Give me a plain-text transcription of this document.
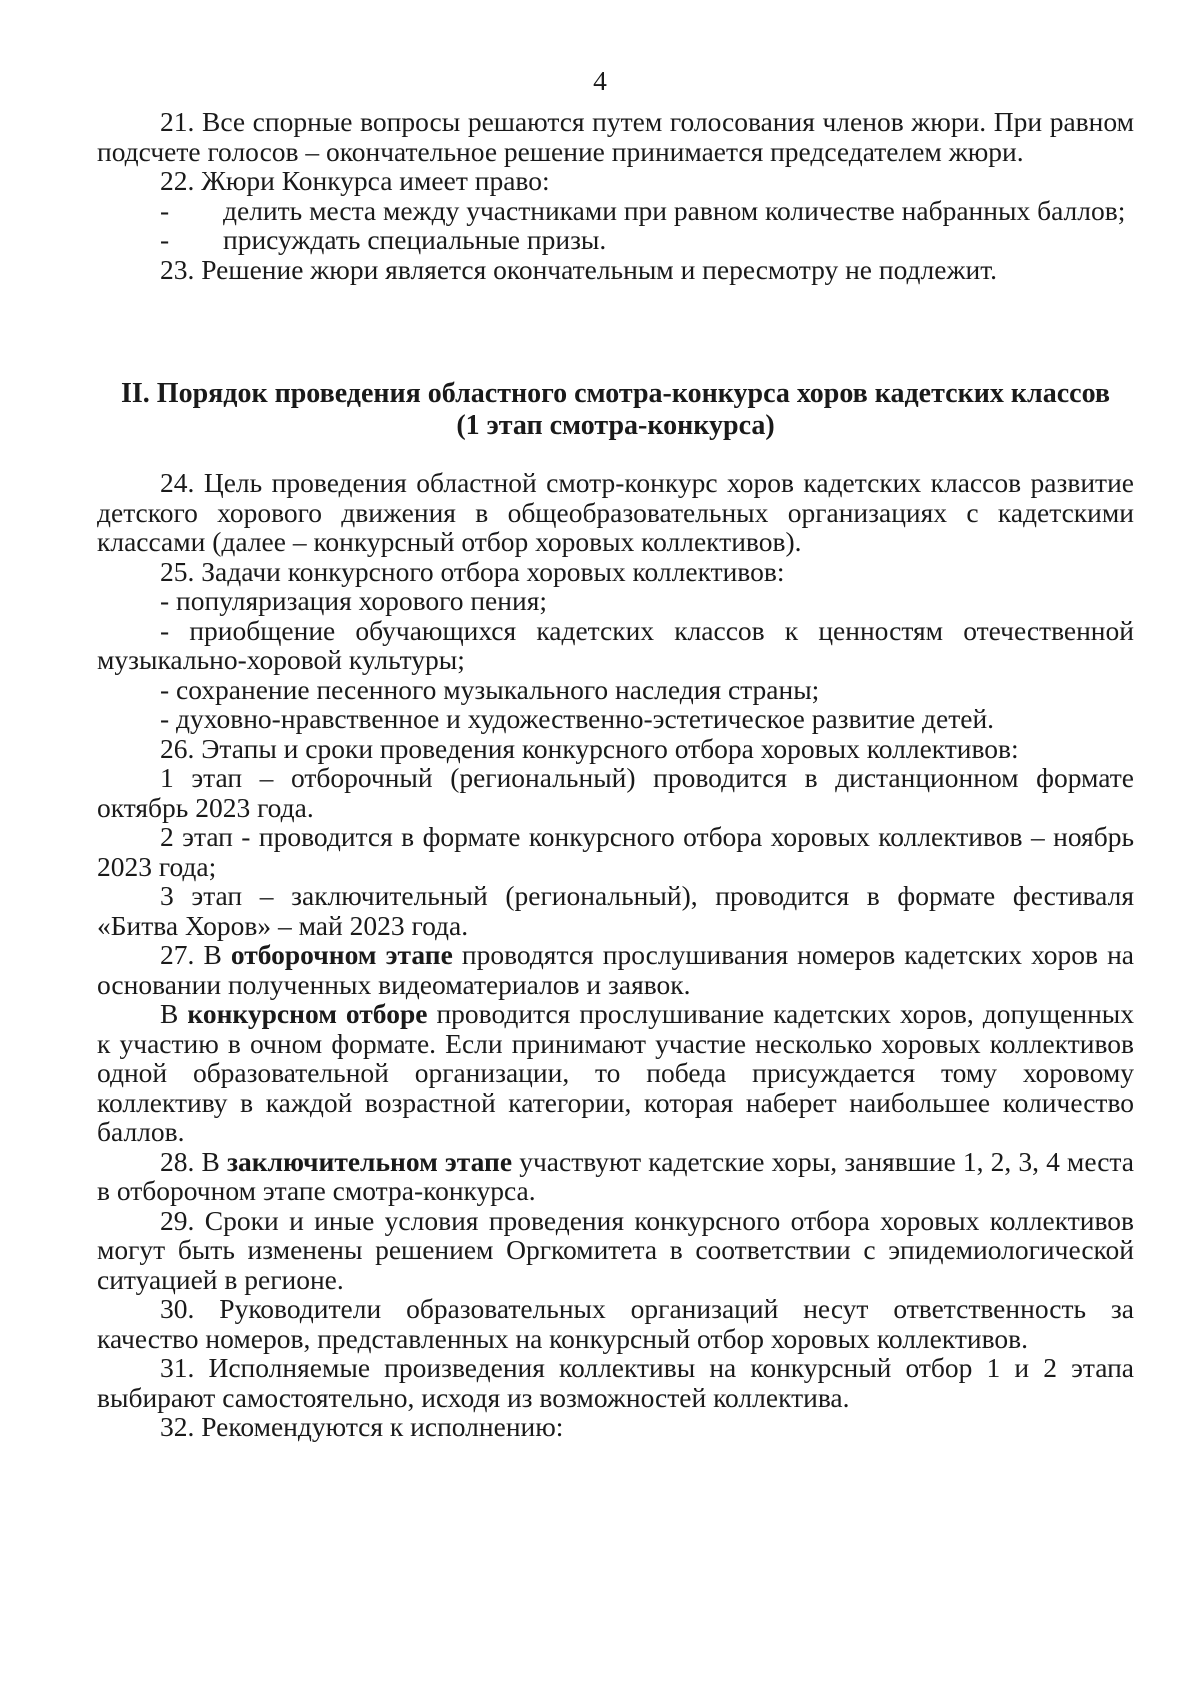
4

21. Все спорные вопросы решаются путем голосования членов жюри. При равном подсчете голосов – окончательное решение принимается председателем жюри.

22. Жюри Конкурса имеет право:

- делить места между участниками при равном количестве набранных баллов;

- присуждать специальные призы.

23. Решение жюри является окончательным и пересмотру не подлежит.

II. Порядок проведения областного смотра-конкурса хоров кадетских классов
(1 этап смотра-конкурса)

24. Цель проведения областной смотр-конкурс хоров кадетских классов развитие детского хорового движения в общеобразовательных организациях с кадетскими классами (далее – конкурсный отбор хоровых коллективов).

25. Задачи конкурсного отбора хоровых коллективов:

- популяризация хорового пения;

- приобщение обучающихся кадетских классов к ценностям отечественной музыкально-хоровой культуры;

- сохранение песенного музыкального наследия страны;

- духовно-нравственное и художественно-эстетическое развитие детей.

26. Этапы и сроки проведения конкурсного отбора хоровых коллективов:

1 этап – отборочный (региональный) проводится в дистанционном формате октябрь 2023 года.

2 этап - проводится в формате конкурсного отбора хоровых коллективов – ноябрь 2023 года;

3 этап – заключительный (региональный), проводится в формате фестиваля «Битва Хоров» – май 2023 года.

27. В отборочном этапе проводятся прослушивания номеров кадетских хоров на основании полученных видеоматериалов и заявок.

В конкурсном отборе проводится прослушивание кадетских хоров, допущенных к участию в очном формате. Если принимают участие несколько хоровых коллективов одной образовательной организации, то победа присуждается тому хоровому коллективу в каждой возрастной категории, которая наберет наибольшее количество баллов.

28. В заключительном этапе участвуют кадетские хоры, занявшие 1, 2, 3, 4 места в отборочном этапе смотра-конкурса.

29. Сроки и иные условия проведения конкурсного отбора хоровых коллективов могут быть изменены решением Оргкомитета в соответствии с эпидемиологической ситуацией в регионе.

30. Руководители образовательных организаций несут ответственность за качество номеров, представленных на конкурсный отбор хоровых коллективов.

31. Исполняемые произведения коллективы на конкурсный отбор 1 и 2 этапа выбирают самостоятельно, исходя из возможностей коллектива.

32. Рекомендуются к исполнению:
